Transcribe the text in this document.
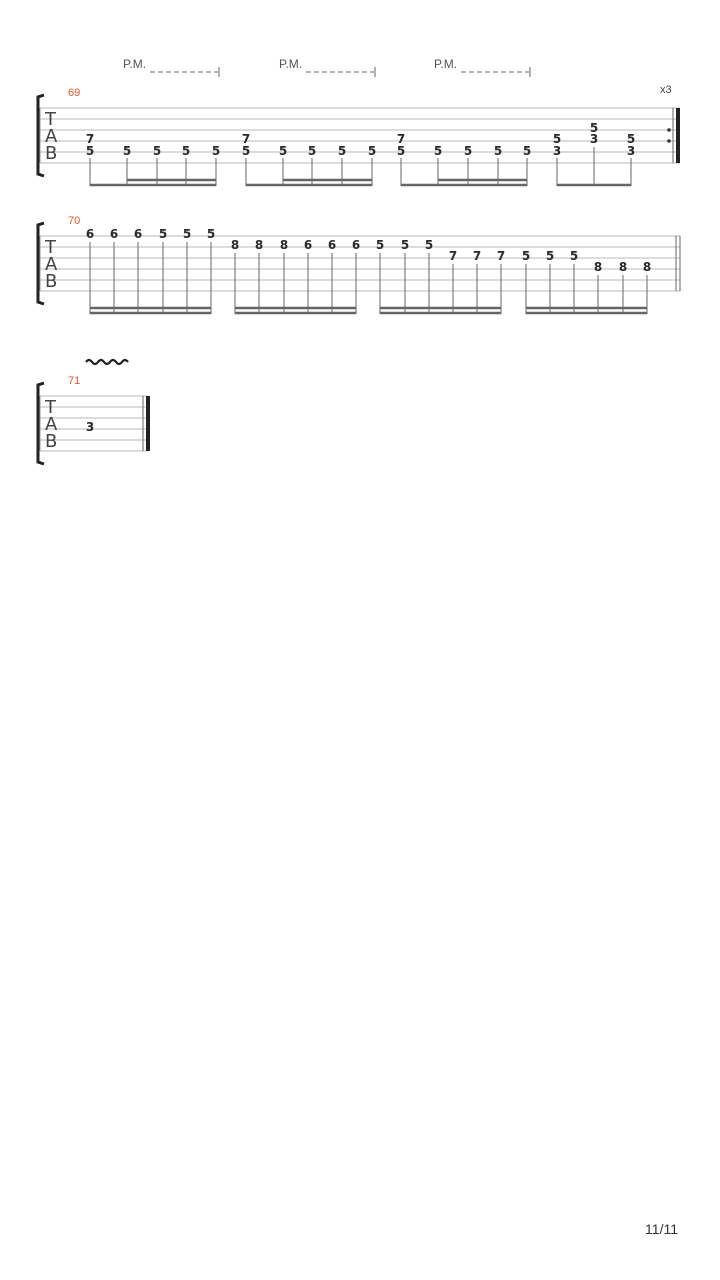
P.M.	P.M.	P.M.
69	x3
T
A
B
7
5 5 5 5 5
7
5 5 5 5 5
7
5 5 5 5 5
5
3
5
3 5
3
70
T
A
B
6 6 6 5 5 5
8 8 8 6 6 6 5 5 5
7 7 7 5 5 5
8 8 8
71
T
A
B
3
11/11
